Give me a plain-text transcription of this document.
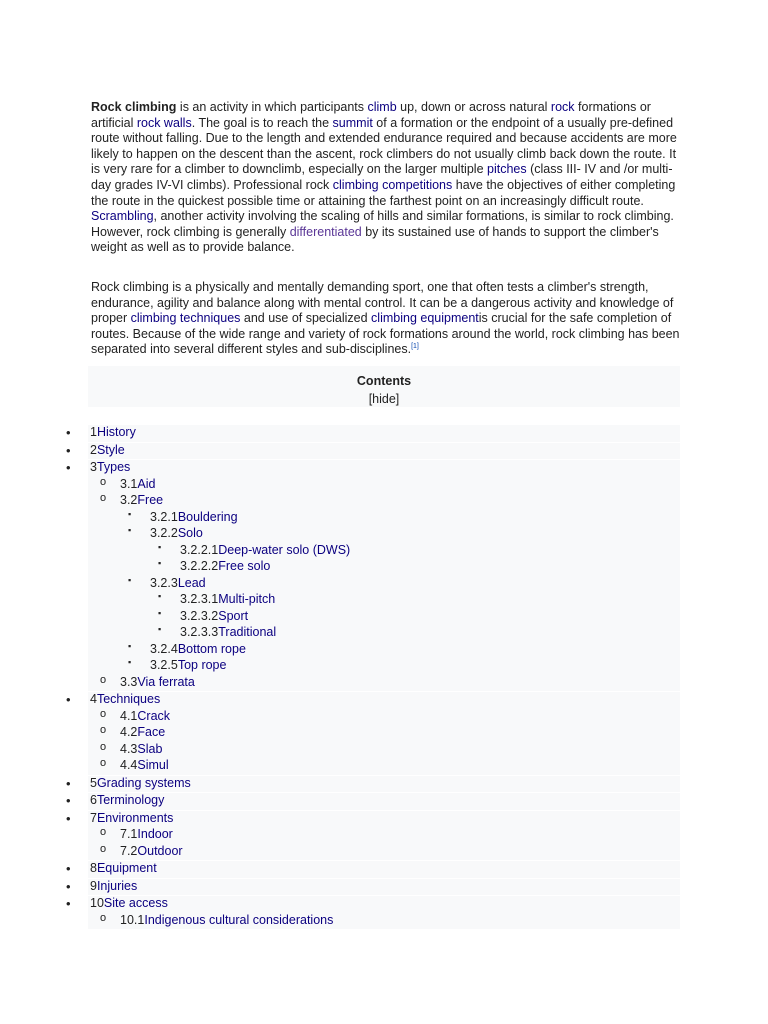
Rock climbing is an activity in which participants climb up, down or across natural rock formations or artificial rock walls. The goal is to reach the summit of a formation or the endpoint of a usually pre-defined route without falling. Due to the length and extended endurance required and because accidents are more likely to happen on the descent than the ascent, rock climbers do not usually climb back down the route. It is very rare for a climber to downclimb, especially on the larger multiple pitches (class III- IV and /or multi-day grades IV-VI climbs). Professional rock climbing competitions have the objectives of either completing the route in the quickest possible time or attaining the farthest point on an increasingly difficult route. Scrambling, another activity involving the scaling of hills and similar formations, is similar to rock climbing. However, rock climbing is generally differentiated by its sustained use of hands to support the climber's weight as well as to provide balance.

Rock climbing is a physically and mentally demanding sport, one that often tests a climber's strength, endurance, agility and balance along with mental control. It can be a dangerous activity and knowledge of proper climbing techniques and use of specialized climbing equipmentis crucial for the safe completion of routes. Because of the wide range and variety of rock formations around the world, rock climbing has been separated into several different styles and sub-disciplines.[1]

Contents
[hide]
• 1History
• 2Style
• 3Types
o 3.1Aid
o 3.2Free
▪ 3.2.1Bouldering
▪ 3.2.2Solo
▪ 3.2.2.1Deep-water solo (DWS)
▪ 3.2.2.2Free solo
▪ 3.2.3Lead
▪ 3.2.3.1Multi-pitch
▪ 3.2.3.2Sport
▪ 3.2.3.3Traditional
▪ 3.2.4Bottom rope
▪ 3.2.5Top rope
o 3.3Via ferrata
• 4Techniques
o 4.1Crack
o 4.2Face
o 4.3Slab
o 4.4Simul
• 5Grading systems
• 6Terminology
• 7Environments
o 7.1Indoor
o 7.2Outdoor
• 8Equipment
• 9Injuries
• 10Site access
o 10.1Indigenous cultural considerations
